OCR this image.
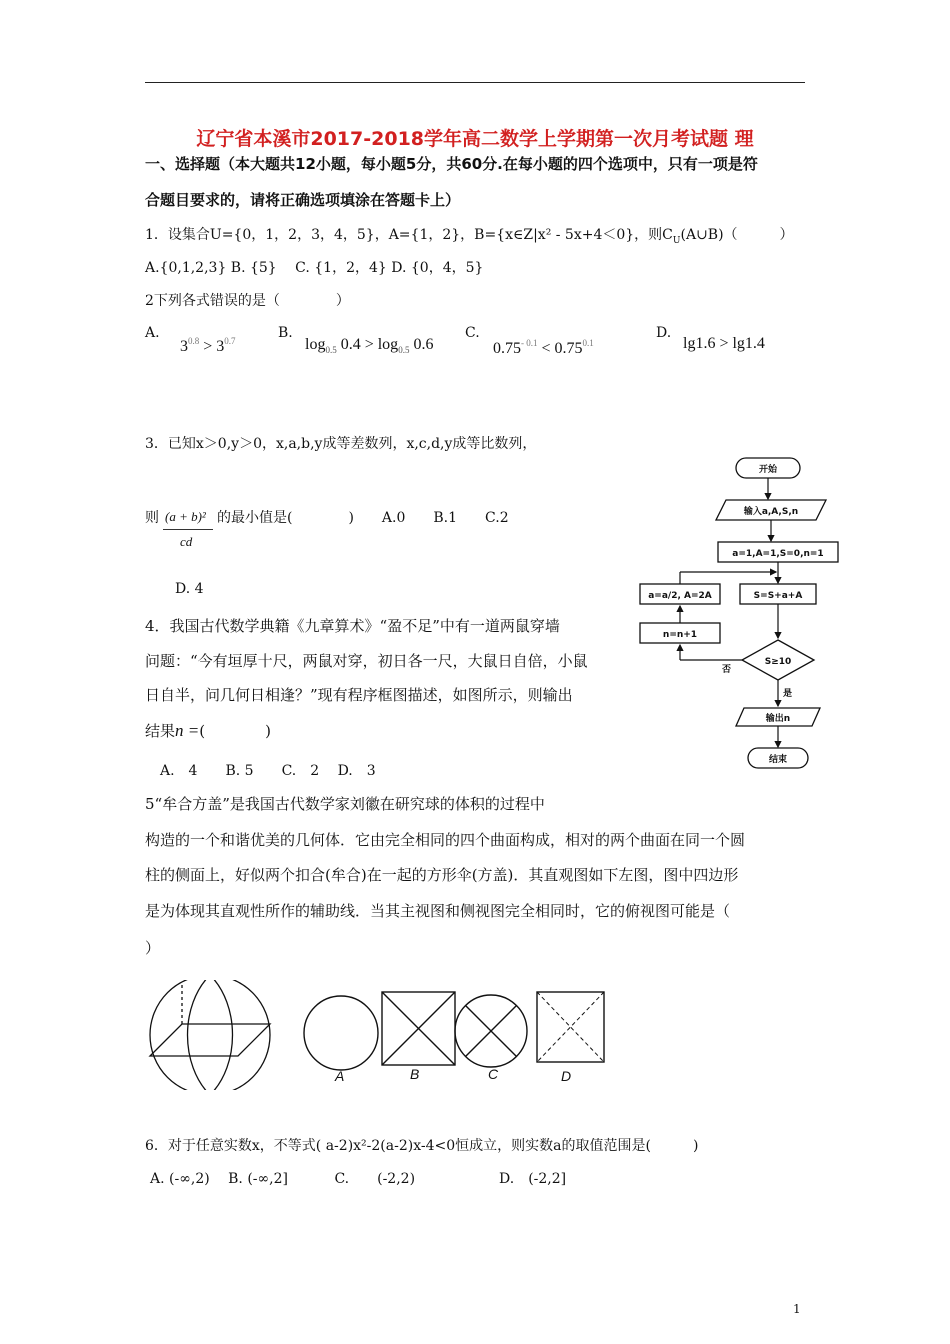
辽宁省本溪市2017-2018学年高二数学上学期第一次月考试题 理
一、选择题（本大题共12小题，每小题5分，共60分.在每小题的四个选项中，只有一项是符
合题目要求的，请将正确选项填涂在答题卡上）
1．设集合U={0，1，2，3，4，5}，A={1，2}，B={x∈Z|x² - 5x+4＜0}，则$C_U(A\cup B)$（　　　）
A.{0,1,2,3} B. {5}　 C. {1，2，4} D. {0，4，5}
2下列各式错误的是（　　　　）
A.
$3^{0.8} > 3^{0.7}$	B.
$\log_{0.5} 0.4 > \log_{0.5} 0.6$
C.
$0.75^{- 0.1} < 0.75^{0.1}$
D.
lg1.6 > lg1.4
3．已知x＞0,y＞0，x,a,b,y成等差数列，x,c,d,y成等比数列，
则 (a + b)²
cd
的最小值是(　　　　)　　A.0　　B.1　　C.2
D. 4
4．我国古代数学典籍《九章算术》“盈不足”中有一道两鼠穿墙
问题：“今有垣厚十尺，两鼠对穿，初日各一尺，大鼠日自倍，小鼠
日自半，问几何日相逢？”现有程序框图描述，如图所示，则输出
结果n =(　　　　)
A.　4　　B. 5　　C.　2　 D.　3
开始
输入a,A,S,n
a=1,A=1,S=0,n=1
S=S+a+A
a=a/2, A=2A
n=n+1
S≥10
否
是
输出n
结束
5“牟合方盖”是我国古代数学家刘徽在研究球的体积的过程中
构造的一个和谐优美的几何体．它由完全相同的四个曲面构成，相对的两个曲面在同一个圆
柱的侧面上，好似两个扣合(牟合)在一起的方形伞(方盖)．其直观图如下左图，图中四边形
是为体现其直观性所作的辅助线．当其主视图和侧视图完全相同时，它的俯视图可能是（
）
A	B	C	D
6．对于任意实数x，不等式( a-2)x²-2(a-2)x-4<0恒成立，则实数a的取值范围是(　　　)
A. (-∞,2)　 B. (-∞,2]　　　 C.　　(-2,2)　　　　　　D.　(-2,2]
1
